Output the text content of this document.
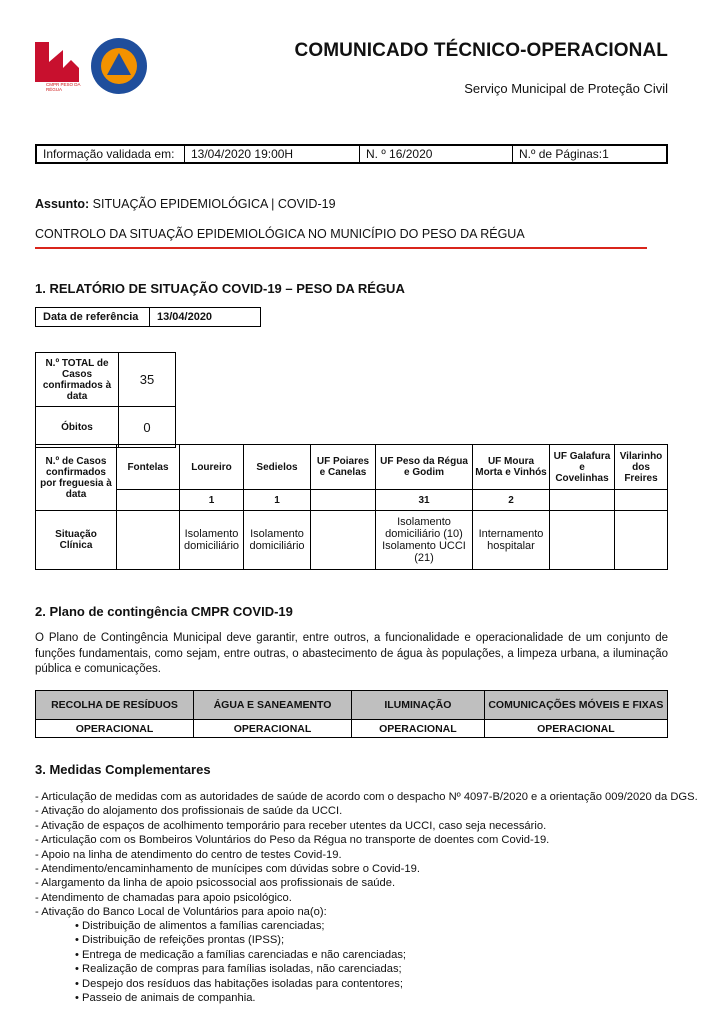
CMPR PESO DA RÉGUA
COMUNICADO TÉCNICO-OPERACIONAL
Serviço Municipal de Proteção Civil
Informação validada em:	13/04/2020 19:00H	N. º 16/2020	N.º de Páginas:1
Assunto: SITUAÇÃO EPIDEMIOLÓGICA | COVID-19
CONTROLO DA SITUAÇÃO EPIDEMIOLÓGICA NO MUNICÍPIO DO PESO DA RÉGUA
1. RELATÓRIO DE SITUAÇÃO COVID-19 – PESO DA RÉGUA
Data de referência	13/04/2020
N.º TOTAL de Casos confirmados à data	35
Óbitos	0
N.º de Casos confirmados por freguesia à data	Fontelas	Loureiro	Sedielos	UF Poiares e Canelas	UF Peso da Régua e Godim	UF Moura Morta e Vinhós	UF Galafura e Covelinhas	Vilarinho dos Freires
		1	1		31	2		
Situação Clínica		Isolamento domiciliário	Isolamento domiciliário		Isolamento domiciliário (10) Isolamento UCCI (21)	Internamento hospitalar		
2. Plano de contingência CMPR COVID-19
O Plano de Contingência Municipal deve garantir, entre outros, a funcionalidade e operacionalidade de um conjunto de funções fundamentais, como sejam, entre outras, o abastecimento de água às populações, a limpeza urbana, a iluminação pública e comunicações.
RECOLHA DE RESÍDUOS	ÁGUA E SANEAMENTO	ILUMINAÇÃO	COMUNICAÇÕES MÓVEIS E FIXAS
OPERACIONAL	OPERACIONAL	OPERACIONAL	OPERACIONAL
3. Medidas Complementares
- Articulação de medidas com as autoridades de saúde de acordo com o despacho Nº 4097-B/2020 e a orientação 009/2020 da DGS.
- Ativação do alojamento dos profissionais de saúde da UCCI.
- Ativação de espaços de acolhimento temporário para receber utentes da UCCI, caso seja necessário.
- Articulação com os Bombeiros Voluntários do Peso da Régua no transporte de doentes com Covid-19.
- Apoio na linha de atendimento do centro de testes Covid-19.
- Atendimento/encaminhamento de munícipes com dúvidas sobre o Covid-19.
- Alargamento da linha de apoio psicossocial aos profissionais de saúde.
- Atendimento de chamadas para apoio psicológico.
- Ativação do Banco Local de Voluntários para apoio na(o):
• Distribuição de alimentos a famílias carenciadas;
• Distribuição de refeições prontas (IPSS);
• Entrega de medicação a famílias carenciadas e não carenciadas;
• Realização de compras para famílias isoladas, não carenciadas;
• Despejo dos resíduos das habitações isoladas para contentores;
• Passeio de animais de companhia.
